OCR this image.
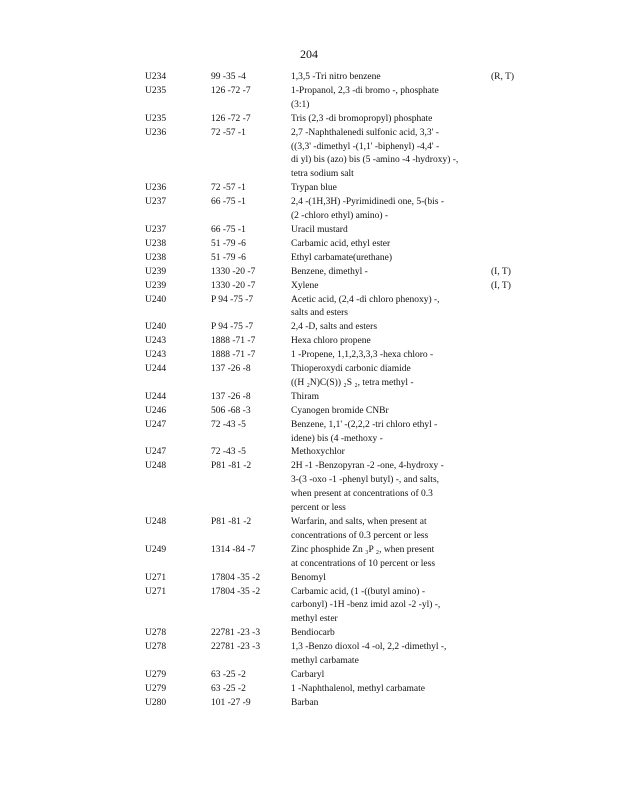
204
U234	99 -35 -4	1,3,5 -Tri nitro benzene	(R, T)
U235	126 -72 -7	1-Propanol, 2,3 -di bromo -, phosphate
(3:1)
U235	126 -72 -7	Tris (2,3 -di bromopropyl) phosphate
U236	72 -57 -1	2,7 -Naphthalenedi sulfonic acid, 3,3' -
((3,3' -dimethyl -(1,1' -biphenyl) -4,4' -
di yl) bis (azo) bis (5 -amino -4 -hydroxy) -,
tetra sodium salt
U236	72 -57 -1	Trypan blue
U237	66 -75 -1	2,4 -(1H,3H) -Pyrimidinedi one, 5-(bis -
(2 -chloro ethyl) amino) -
U237	66 -75 -1	Uracil mustard
U238	51 -79 -6	Carbamic acid, ethyl ester
U238	51 -79 -6	Ethyl carbamate(urethane)
U239	1330 -20 -7	Benzene, dimethyl -	(I, T)
U239	1330 -20 -7	Xylene	(I, T)
U240	P 94 -75 -7	Acetic acid, (2,4 -di chloro phenoxy) -,
salts and esters
U240	P 94 -75 -7	2,4 -D, salts and esters
U243	1888 -71 -7	Hexa chloro propene
U243	1888 -71 -7	1 -Propene, 1,1,2,3,3,3 -hexa chloro -
U244	137 -26 -8	Thioperoxydi carbonic diamide
((H ₂N)C(S)) ₂S ₂, tetra methyl -
U244	137 -26 -8	Thiram
U246	506 -68 -3	Cyanogen bromide CNBr
U247	72 -43 -5	Benzene, 1,1' -(2,2,2 -tri chloro ethyl -
idene) bis (4 -methoxy -
U247	72 -43 -5	Methoxychlor
U248	P81 -81 -2	2H -1 -Benzopyran -2 -one, 4-hydroxy -
3-(3 -oxo -1 -phenyl butyl) -, and salts,
when present at concentrations of 0.3
percent or less
U248	P81 -81 -2	Warfarin, and salts, when present at
concentrations of 0.3 percent or less
U249	1314 -84 -7	Zinc phosphide Zn ₃P ₂, when present
at concentrations of 10 percent or less
U271	17804 -35 -2	Benomyl
U271	17804 -35 -2	Carbamic acid, (1 -((butyl amino) -
carbonyl) -1H -benz imid azol -2 -yl) -,
methyl ester
U278	22781 -23 -3	Bendiocarb
U278	22781 -23 -3	1,3 -Benzo dioxol -4 -ol, 2,2 -dimethyl -,
methyl carbamate
U279	63 -25 -2	Carbaryl
U279	63 -25 -2	1 -Naphthalenol, methyl carbamate
U280	101 -27 -9	Barban
